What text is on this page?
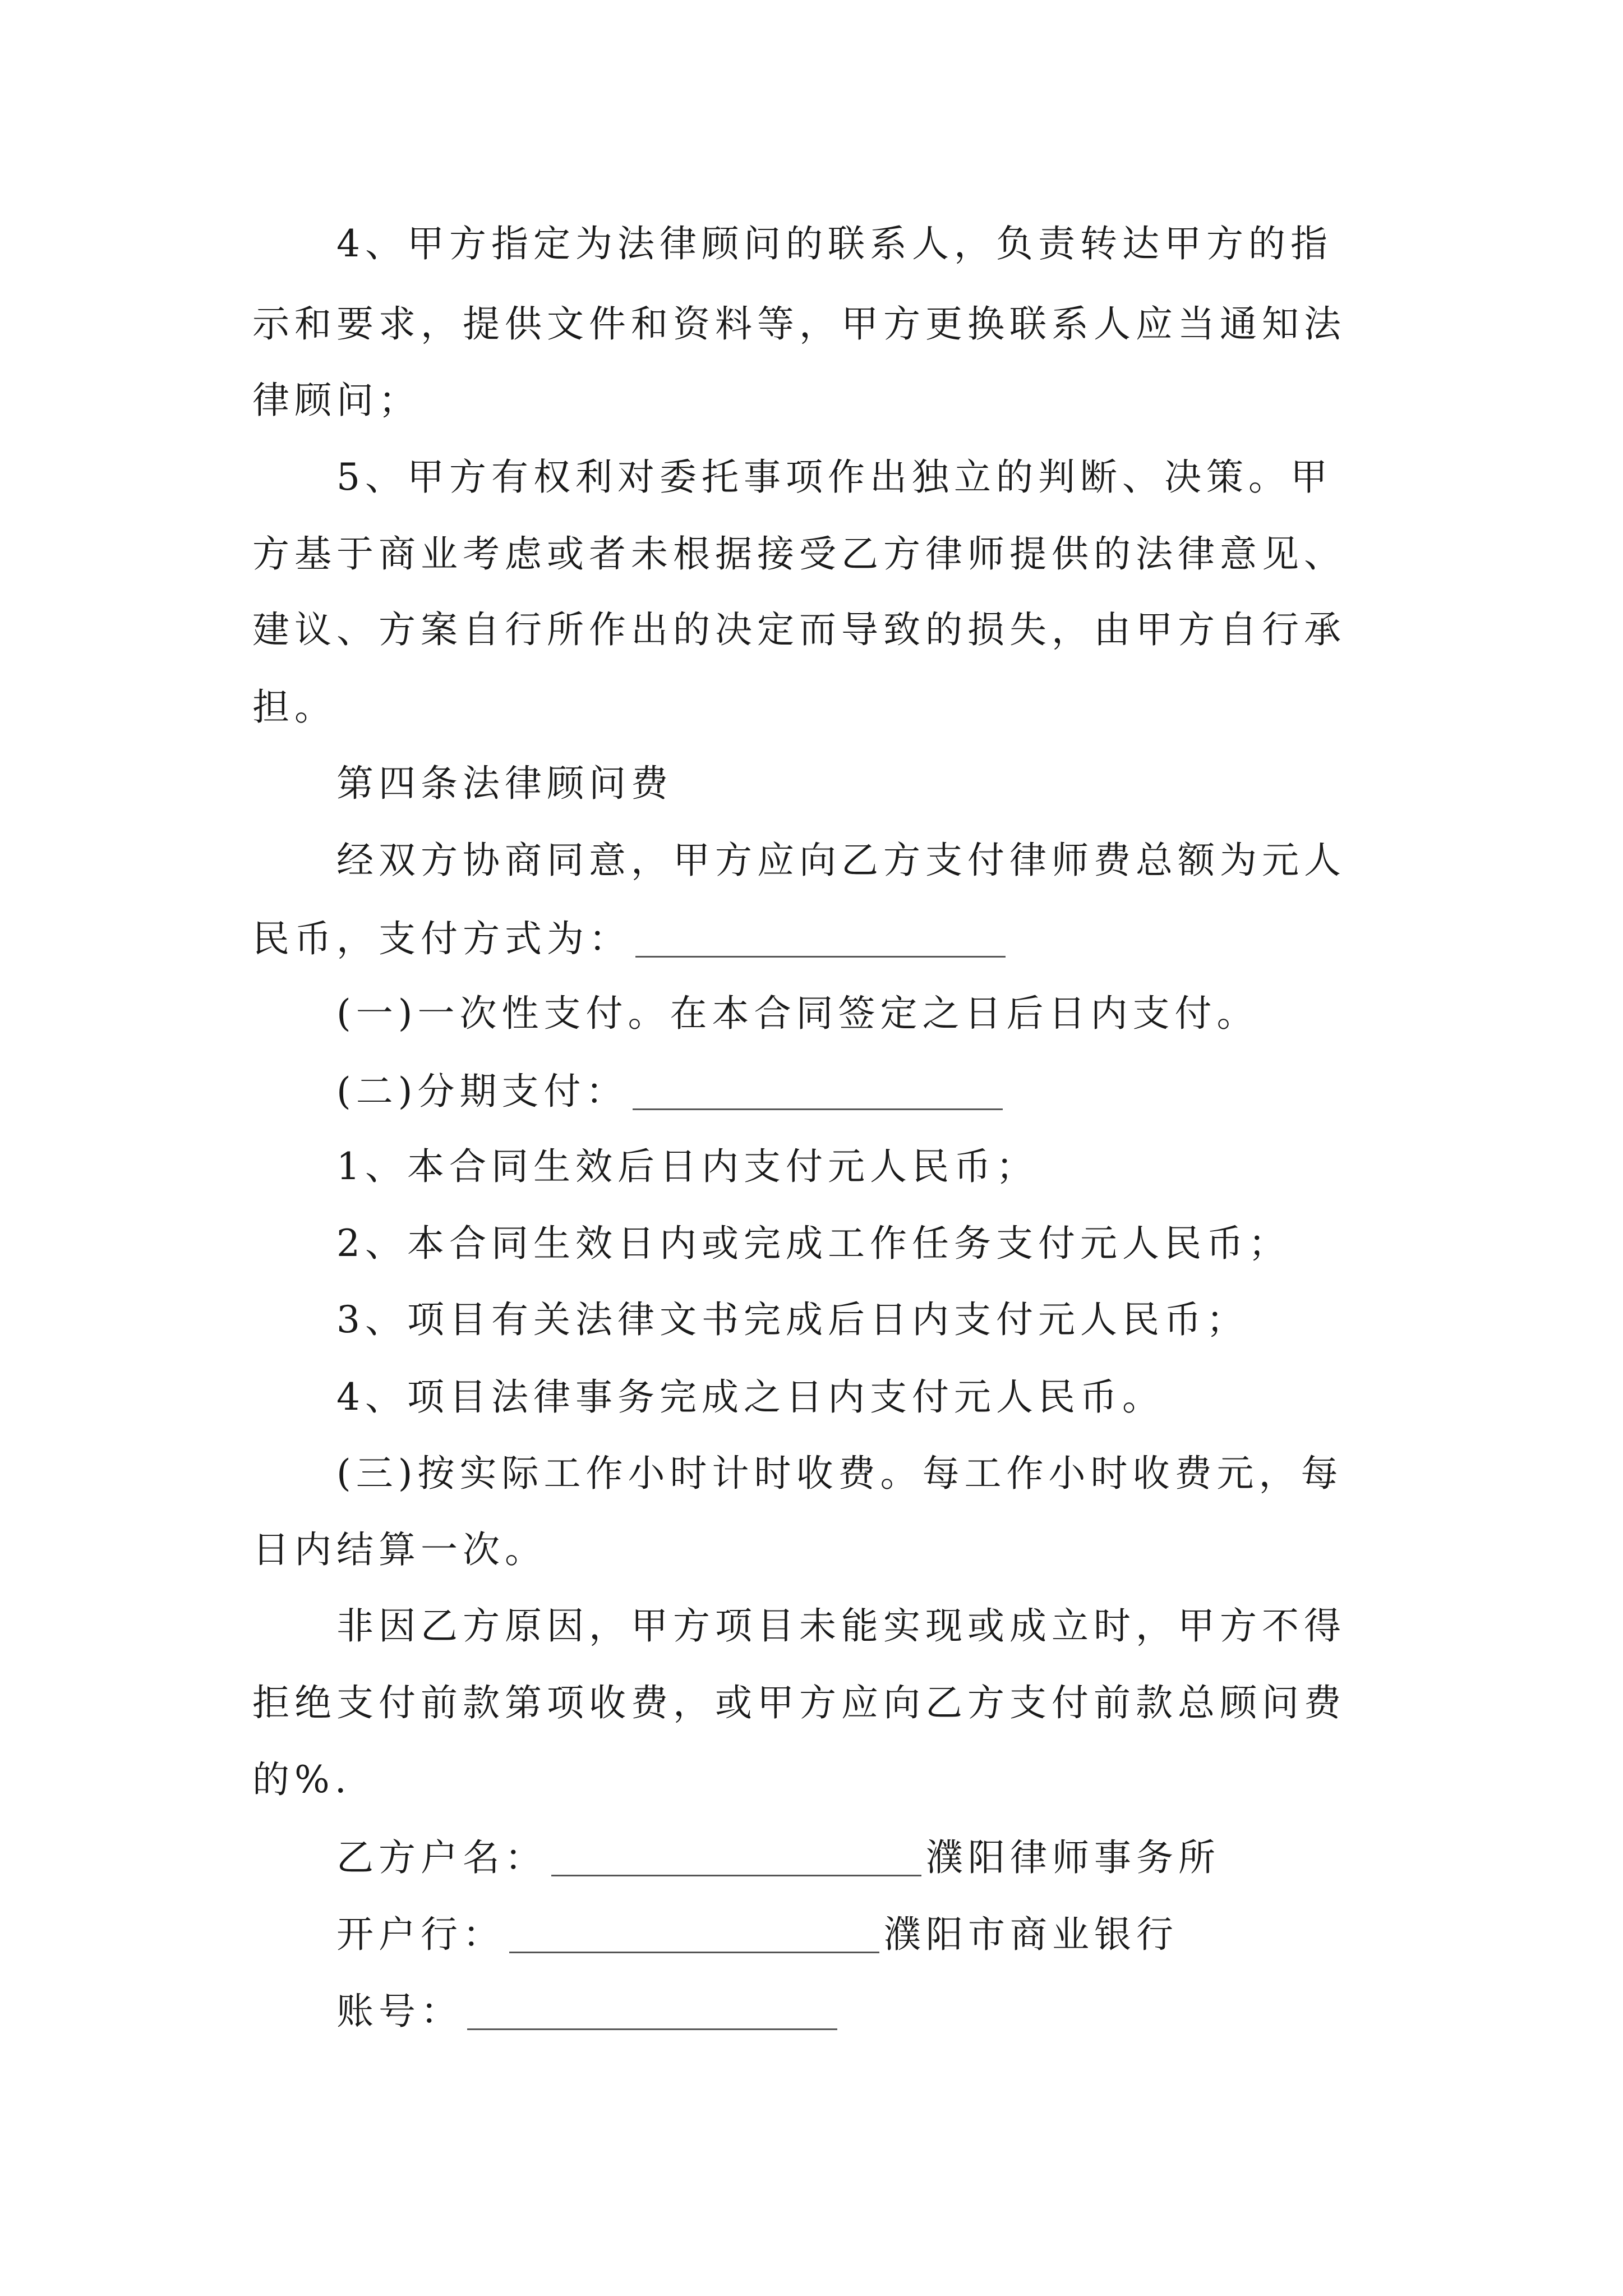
4、甲方指定为法律顾问的联系人，负责转达甲方的指
示和要求，提供文件和资料等，甲方更换联系人应当通知法
律顾问；
5、甲方有权利对委托事项作出独立的判断、决策。甲
方基于商业考虑或者未根据接受乙方律师提供的法律意见、
建议、方案自行所作出的决定而导致的损失，由甲方自行承
担。
第四条法律顾问费
经双方协商同意，甲方应向乙方支付律师费总额为元人
民币，支付方式为：
(一)一次性支付。在本合同签定之日后日内支付。
(二)分期支付：
1、本合同生效后日内支付元人民币；
2、本合同生效日内或完成工作任务支付元人民币；
3、项目有关法律文书完成后日内支付元人民币；
4、项目法律事务完成之日内支付元人民币。
(三)按实际工作小时计时收费。每工作小时收费元，每
日内结算一次。
非因乙方原因，甲方项目未能实现或成立时，甲方不得
拒绝支付前款第项收费，或甲方应向乙方支付前款总顾问费
的%.
乙方户名：	濮阳律师事务所
开户行：	濮阳市商业银行
账号：
